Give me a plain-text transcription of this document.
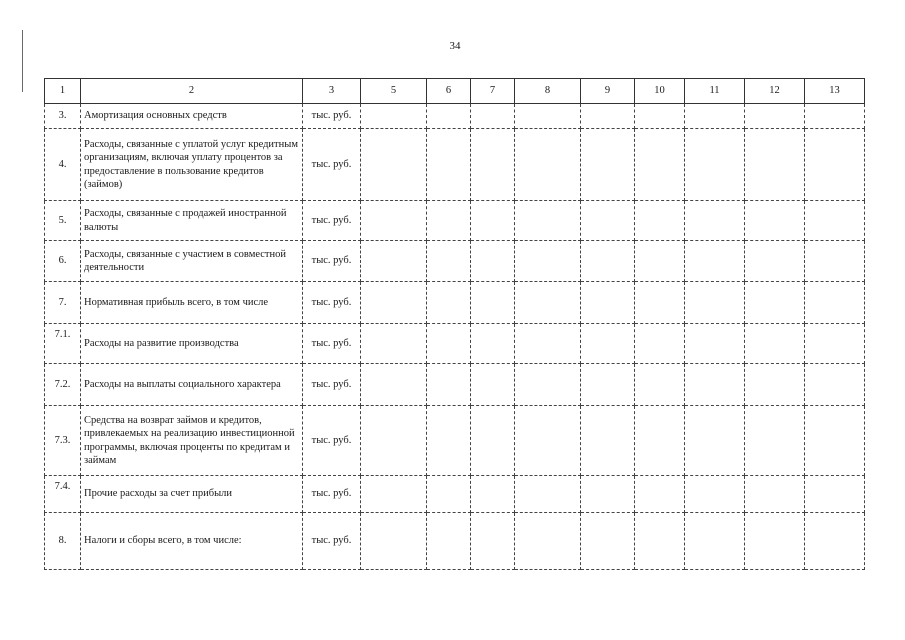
34
1	2	3	5	6	7	8	9	10	11	12	13
3.	Амортизация основных средств	тыс. руб.									
4.	Расходы, связанные с уплатой услуг кредитным организациям, включая уплату процентов за предоставление в пользование кредитов (займов)	тыс. руб.									
5.	Расходы, связанные с продажей иностранной валюты	тыс. руб.									
6.	Расходы, связанные с участием в совместной деятельности	тыс. руб.									
7.	Нормативная прибыль всего, в том числе	тыс. руб.									
7.1.	Расходы на развитие производства	тыс. руб.									
7.2.	Расходы на выплаты социального характера	тыс. руб.									
7.3.	Средства на возврат займов и кредитов, привлекаемых на реализацию инвестиционной программы, включая проценты по кредитам и займам	тыс. руб.									
7.4.	Прочие расходы за счет прибыли	тыс. руб.									
8.	Налоги и сборы всего, в том числе:	тыс. руб.									
